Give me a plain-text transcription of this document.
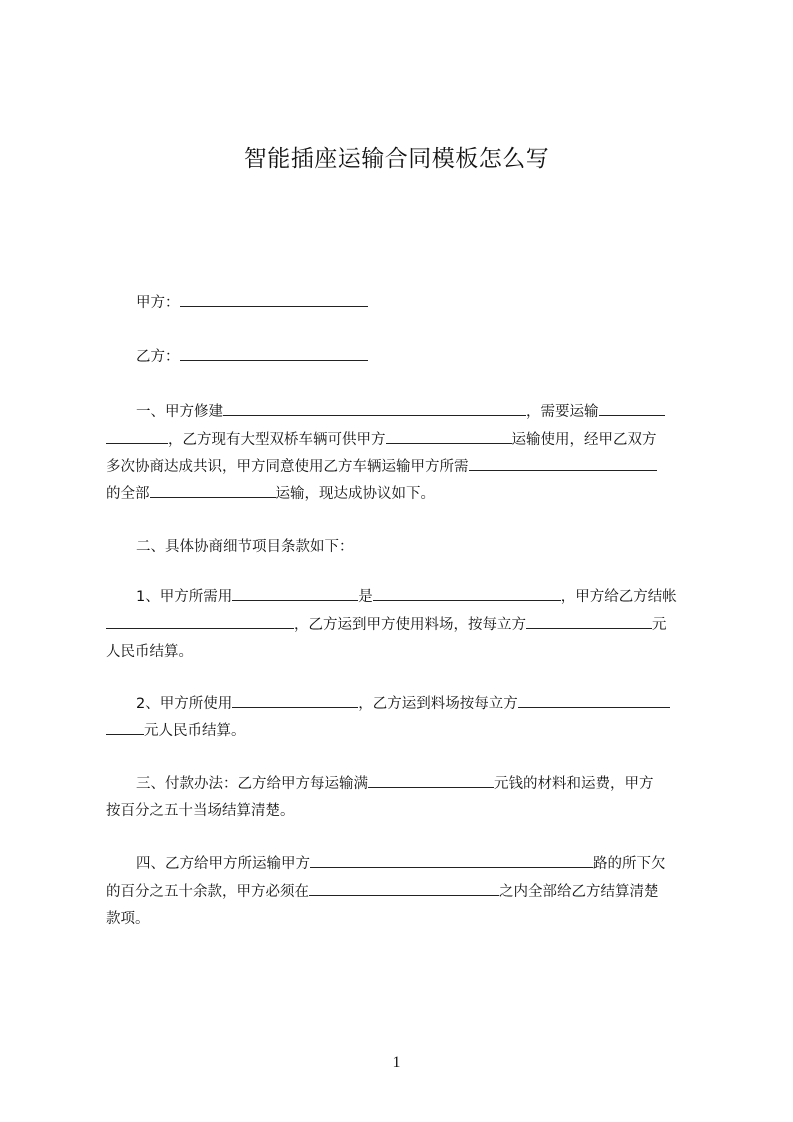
智能插座运输合同模板怎么写
甲方：
乙方：
一、甲方修建	，需要运输
，乙方现有大型双桥车辆可供甲方	运输使用，经甲乙双方
多次协商达成共识，甲方同意使用乙方车辆运输甲方所需
的全部	运输，现达成协议如下。
二、具体协商细节项目条款如下：
1、甲方所需用	是	，甲方给乙方结帐
，乙方运到甲方使用料场，按每立方	元
人民币结算。
2、甲方所使用	，乙方运到料场按每立方
元人民币结算。
三、付款办法：乙方给甲方每运输满	元钱的材料和运费，甲方
按百分之五十当场结算清楚。
四、乙方给甲方所运输甲方	路的所下欠
的百分之五十余款，甲方必须在	之内全部给乙方结算清楚
款项。
1
